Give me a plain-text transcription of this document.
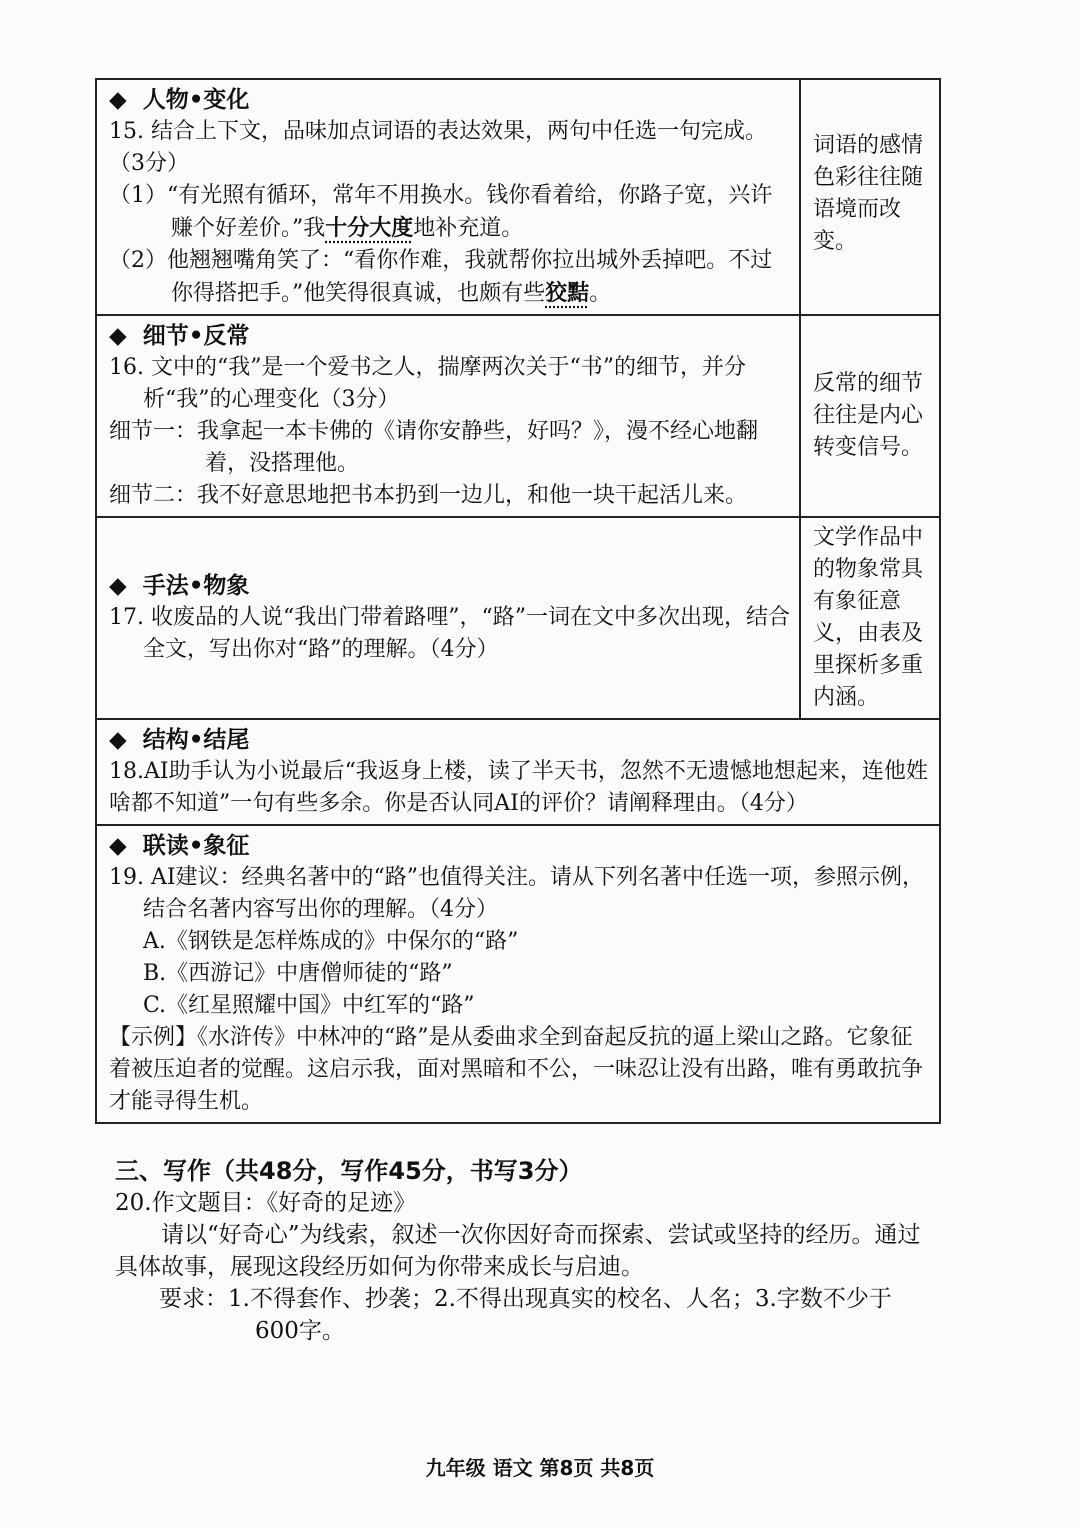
◆ 人物•变化
15. 结合上下文，品味加点词语的表达效果，两句中任选一句完成。（3分）
（1）“有光照有循环，常年不用换水。钱你看着给，你路子宽，兴许赚个好差价。”我十分大度地补充道。
（2）他翘翘嘴角笑了：“看你作难，我就帮你拉出城外丢掉吧。不过你得搭把手。”他笑得很真诚，也颇有些狡黠。
词语的感情色彩往往随语境而改变。
◆ 细节•反常
16. 文中的“我”是一个爱书之人，揣摩两次关于“书”的细节，并分析“我”的心理变化（3分）
细节一：我拿起一本卡佛的《请你安静些，好吗？》，漫不经心地翻着，没搭理他。
细节二：我不好意思地把书本扔到一边儿，和他一块干起活儿来。
反常的细节往往是内心转变信号。
◆ 手法•物象
17. 收废品的人说“我出门带着路哩”，“路”一词在文中多次出现，结合全文，写出你对“路”的理解。（4分）
文学作品中的物象常具有象征意义，由表及里探析多重内涵。
◆ 结构•结尾
18.AI助手认为小说最后“我返身上楼，读了半天书，忽然不无遗憾地想起来，连他姓啥都不知道”一句有些多余。你是否认同AI的评价？请阐释理由。（4分）
◆ 联读•象征
19. AI建议：经典名著中的“路”也值得关注。请从下列名著中任选一项，参照示例，结合名著内容写出你的理解。（4分）
A.《钢铁是怎样炼成的》中保尔的“路”
B.《西游记》中唐僧师徒的“路”
C.《红星照耀中国》中红军的“路”
【示例】《水浒传》中林冲的“路”是从委曲求全到奋起反抗的逼上梁山之路。它象征着被压迫者的觉醒。这启示我，面对黑暗和不公，一味忍让没有出路，唯有勇敢抗争才能寻得生机。
三、写作（共48分，写作45分，书写3分）
20.作文题目：《好奇的足迹》
请以“好奇心”为线索，叙述一次你因好奇而探索、尝试或坚持的经历。通过具体故事，展现这段经历如何为你带来成长与启迪。
要求：1.不得套作、抄袭；2.不得出现真实的校名、人名；3.字数不少于600字。
九年级 语文 第8页 共8页
